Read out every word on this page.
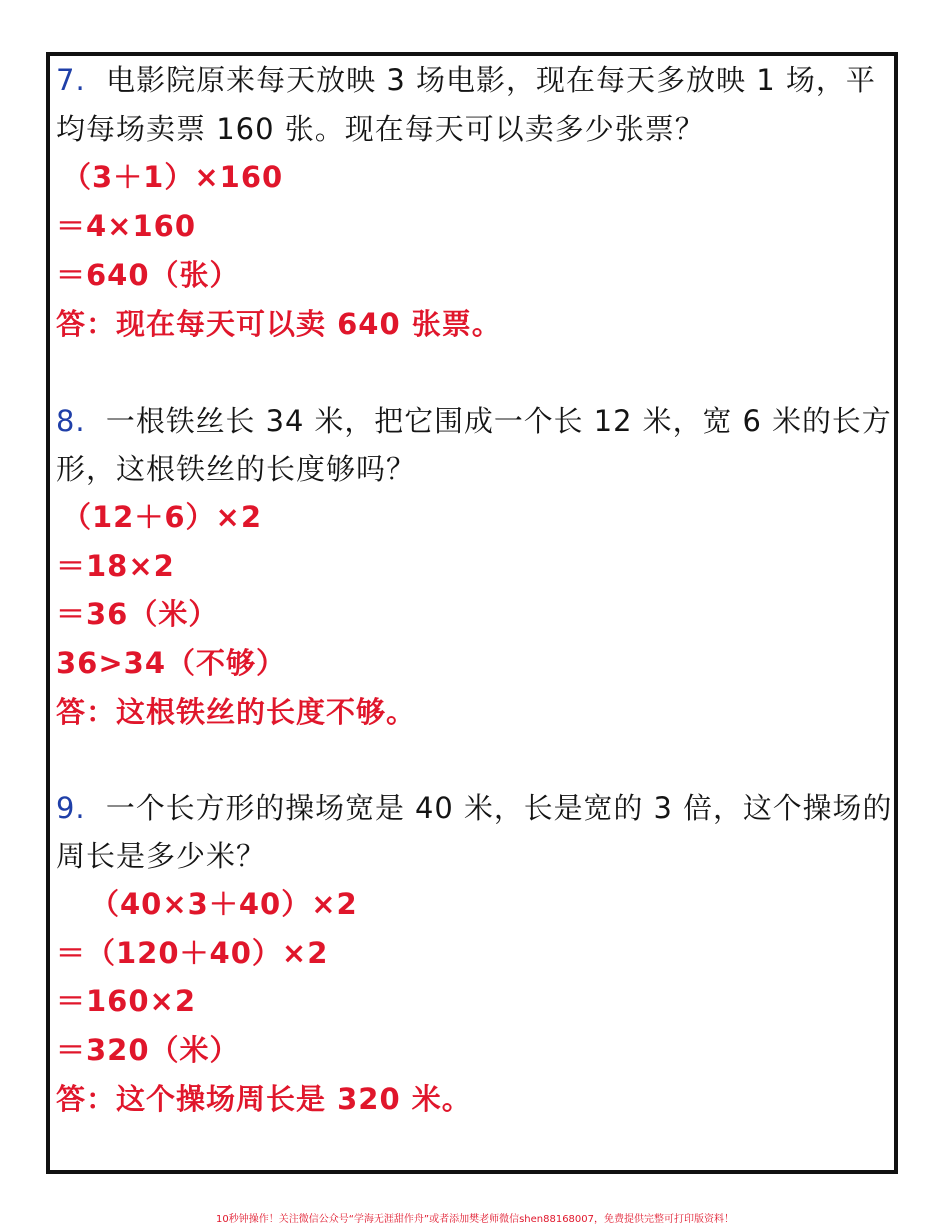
7. 电影院原来每天放映 3 场电影，现在每天多放映 1 场，平
均每场卖票 160 张。现在每天可以卖多少张票？
（3＋1）×160
＝4×160
＝640（张）
答：现在每天可以卖 640 张票。
8. 一根铁丝长 34 米，把它围成一个长 12 米，宽 6 米的长方
形，这根铁丝的长度够吗？
（12＋6）×2
＝18×2
＝36（米）
36>34（不够）
答：这根铁丝的长度不够。
9. 一个长方形的操场宽是 40 米，长是宽的 3 倍，这个操场的
周长是多少米？
（40×3＋40）×2
＝（120＋40）×2
＝160×2
＝320（米）
答：这个操场周长是 320 米。
10秒钟操作！关注微信公众号“学海无涯甜作舟”或者添加樊老师微信shen88168007，免费提供完整可打印版资料！
